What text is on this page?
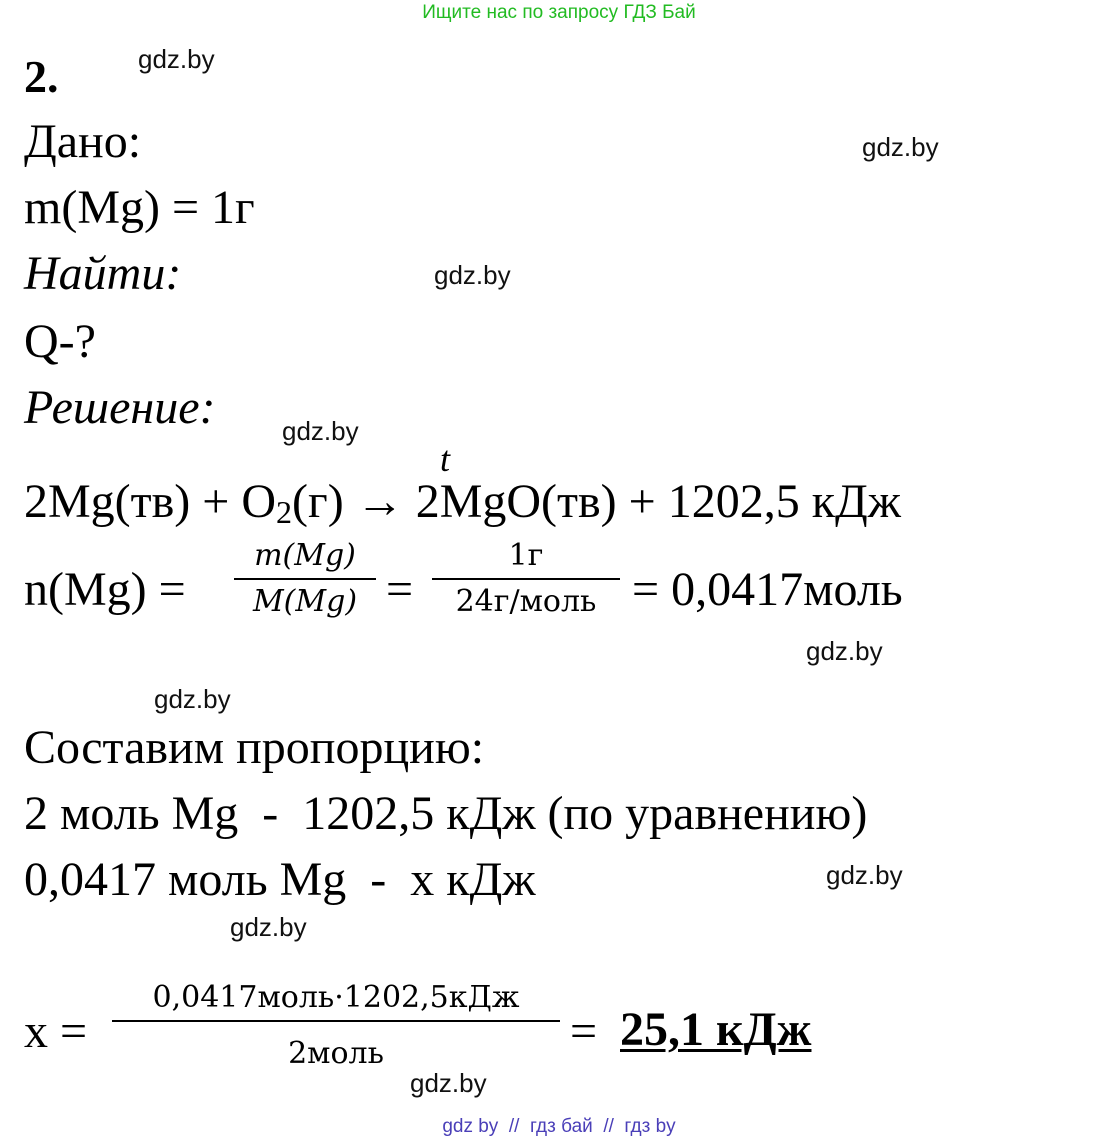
Ищите нас по запросу ГДЗ Бай
2.	gdz.by
gdz.by
gdz.by
gdz.by
gdz.by
gdz.by
gdz.by
gdz.by
gdz.by
Дано:
m(Mg) = 1г
Найти:
Q-?
Решение:
t
2Mg(тв) + O2(г) → 2MgO(тв) + 1202,5 кДж
n(Mg) =
m(Mg)
M(Mg) =
1г
24г/моль = 0,0417моль
Составим пропорцию:
2 моль Mg  -  1202,5 кДж (по уравнению)
0,0417 моль Mg  -  x кДж
x =
0,0417моль·1202,5кДж
2моль	= 25,1 кДж
gdz by  //  гдз бай  //  гдз by
